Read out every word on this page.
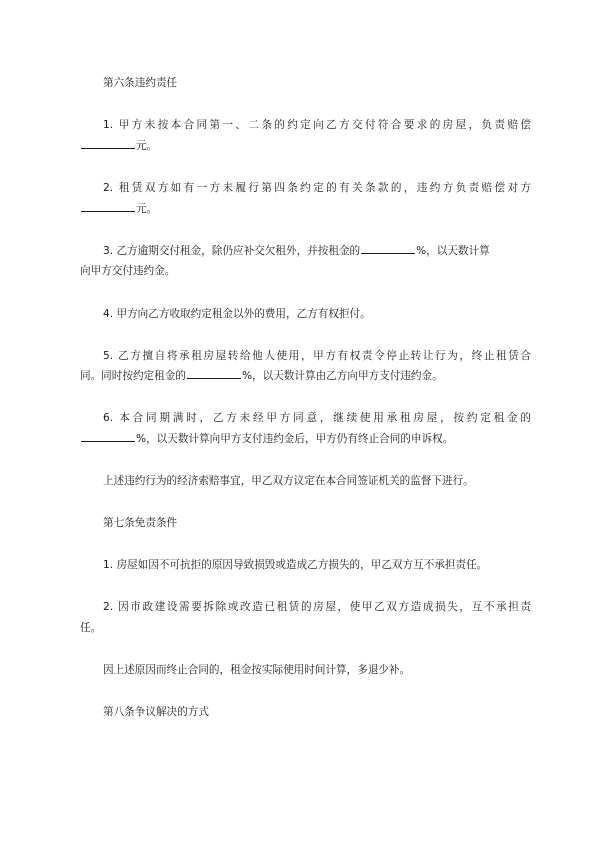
第六条违约责任
1. 甲方未按本合同第一、二条的约定向乙方交付符合要求的房屋，负责赔偿
元。
2. 租赁双方如有一方未履行第四条约定的有关条款的，违约方负责赔偿对方
元。
3. 乙方逾期交付租金，除仍应补交欠租外，并按租金的	%，以天数计算
向甲方交付违约金。
4. 甲方向乙方收取约定租金以外的费用，乙方有权拒付。
5. 乙方擅自将承租房屋转给他人使用，甲方有权责令停止转让行为，终止租赁合
同。同时按约定租金的	%，以天数计算由乙方向甲方支付违约金。
6. 本合同期满时，乙方未经甲方同意，继续使用承租房屋，按约定租金的
%，以天数计算向甲方支付违约金后，甲方仍有终止合同的申诉权。
上述违约行为的经济索赔事宜，甲乙双方议定在本合同签证机关的监督下进行。
第七条免责条件
1. 房屋如因不可抗拒的原因导致损毁或造成乙方损失的，甲乙双方互不承担责任。
2. 因市政建设需要拆除或改造已租赁的房屋，使甲乙双方造成损失，互不承担责
任。
因上述原因而终止合同的，租金按实际使用时间计算，多退少补。
第八条争议解决的方式
